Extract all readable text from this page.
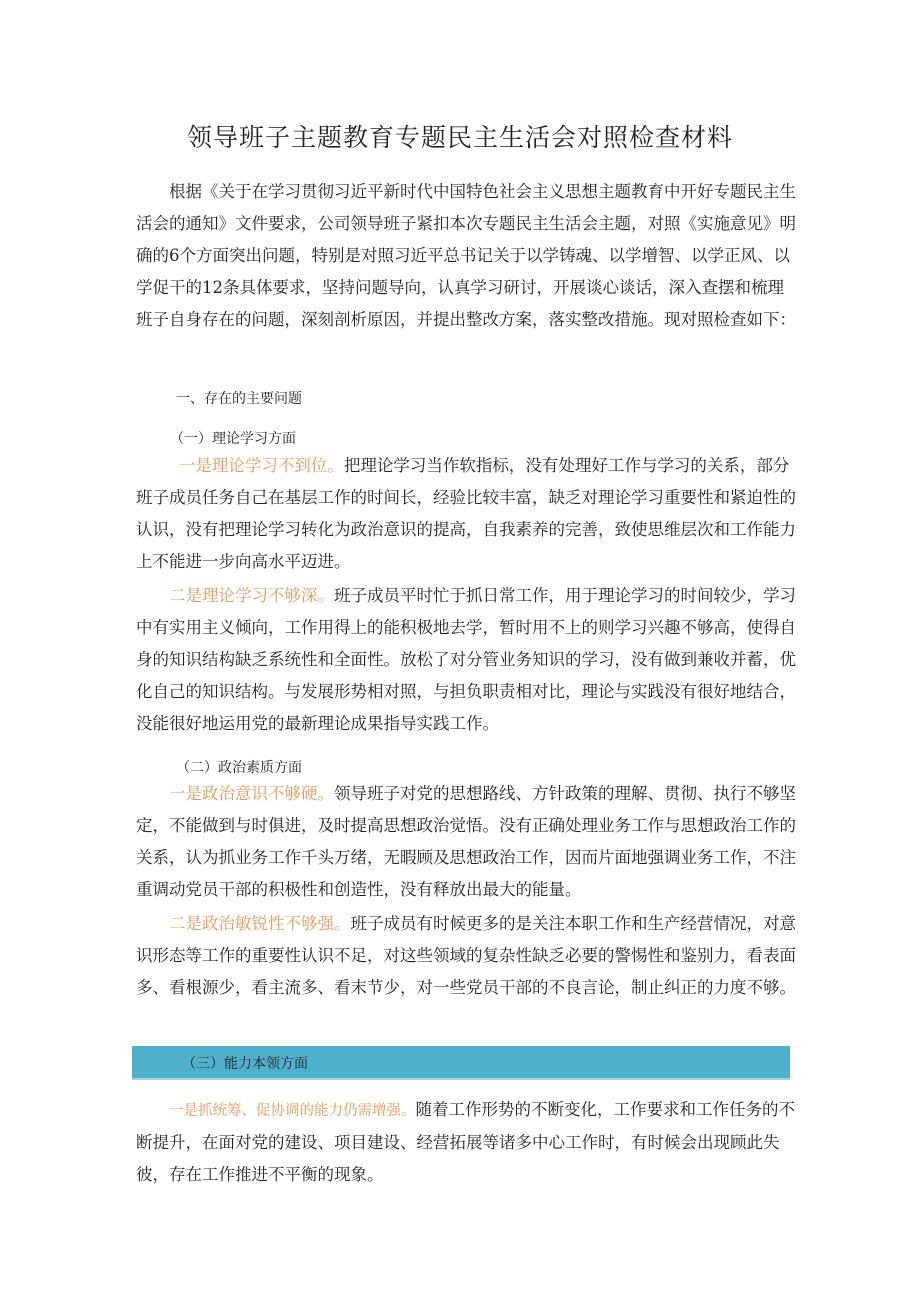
领导班子主题教育专题民主生活会对照检查材料

根据《关于在学习贯彻习近平新时代中国特色社会主义思想主题教育中开好专题民主生活会的通知》文件要求，公司领导班子紧扣本次专题民主生活会主题，对照《实施意见》明确的6个方面突出问题，特别是对照习近平总书记关于以学铸魂、以学增智、以学正风、以学促干的12条具体要求，坚持问题导向，认真学习研讨，开展谈心谈话，深入查摆和梳理班子自身存在的问题，深刻剖析原因，并提出整改方案，落实整改措施。现对照检查如下：

一、存在的主要问题

（一）理论学习方面

一是理论学习不到位。把理论学习当作软指标，没有处理好工作与学习的关系，部分班子成员任务自己在基层工作的时间长，经验比较丰富，缺乏对理论学习重要性和紧迫性的认识，没有把理论学习转化为政治意识的提高，自我素养的完善，致使思维层次和工作能力上不能进一步向高水平迈进。

二是理论学习不够深。班子成员平时忙于抓日常工作，用于理论学习的时间较少，学习中有实用主义倾向，工作用得上的能积极地去学，暂时用不上的则学习兴趣不够高，使得自身的知识结构缺乏系统性和全面性。放松了对分管业务知识的学习，没有做到兼收并蓄，优化自己的知识结构。与发展形势相对照，与担负职责相对比，理论与实践没有很好地结合，没能很好地运用党的最新理论成果指导实践工作。

（二）政治素质方面

一是政治意识不够硬。领导班子对党的思想路线、方针政策的理解、贯彻、执行不够坚定，不能做到与时俱进，及时提高思想政治觉悟。没有正确处理业务工作与思想政治工作的关系，认为抓业务工作千头万绪，无暇顾及思想政治工作，因而片面地强调业务工作，不注重调动党员干部的积极性和创造性，没有释放出最大的能量。

二是政治敏锐性不够强。班子成员有时候更多的是关注本职工作和生产经营情况，对意识形态等工作的重要性认识不足，对这些领域的复杂性缺乏必要的警惕性和鉴别力，看表面多、看根源少，看主流多、看末节少，对一些党员干部的不良言论，制止纠正的力度不够。

（三）能力本领方面

一是抓统筹、促协调的能力仍需增强。随着工作形势的不断变化，工作要求和工作任务的不断提升，在面对党的建设、项目建设、经营拓展等诸多中心工作时，有时候会出现顾此失彼，存在工作推进不平衡的现象。
